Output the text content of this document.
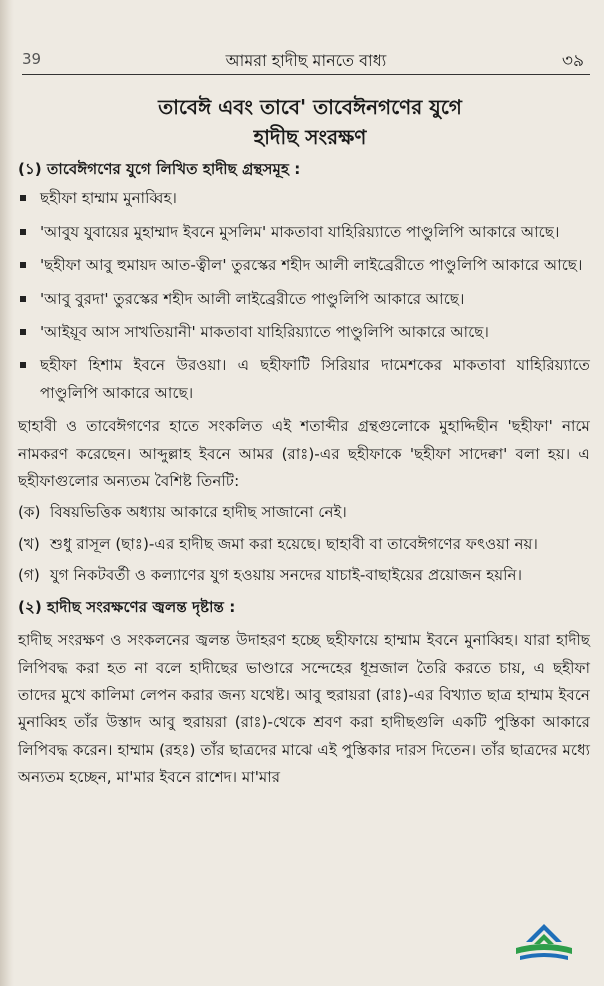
39	আমরা হাদীছ মানতে বাধ্য	৩৯
তাবেঈ এবং তাবে' তাবেঈনগণের যুগে
হাদীছ সংরক্ষণ

(১) তাবেঈগণের যুগে লিখিত হাদীছ গ্রন্থসমূহ :

ছহীফা হাম্মাম মুনাব্বিহ।

'আবুয যুবায়ের মুহাম্মাদ ইবনে মুসলিম' মাকতাবা যাহিরিয়্যাতে পাণ্ডুলিপি আকারে আছে।

'ছহীফা আবু হুমায়দ আত-ত্বীল' তুরস্কের শহীদ আলী লাইব্রেরীতে পাণ্ডুলিপি আকারে আছে।

'আবু বুরদা' তুরস্কের শহীদ আলী লাইব্রেরীতে পাণ্ডুলিপি আকারে আছে।

'আইয়ূব আস সাখতিয়ানী' মাকতাবা যাহিরিয়্যাতে পাণ্ডুলিপি আকারে আছে।

ছহীফা হিশাম ইবনে উরওয়া। এ ছহীফাটি সিরিয়ার দামেশকের মাকতাবা যাহিরিয়্যাতে পাণ্ডুলিপি আকারে আছে।

ছাহাবী ও তাবেঈগণের হাতে সংকলিত এই শতাব্দীর গ্রন্থগুলোকে মুহাদ্দিছীন 'ছহীফা' নামে নামকরণ করেছেন। আব্দুল্লাহ ইবনে আমর (রাঃ)-এর ছহীফাকে 'ছহীফা সাদেক্বা' বলা হয়। এ ছহীফাগুলোর অন্যতম বৈশিষ্ট তিনটি:

(ক) বিষয়ভিত্তিক অধ্যায় আকারে হাদীছ সাজানো নেই।

(খ) শুধু রাসূল (ছাঃ)-এর হাদীছ জমা করা হয়েছে। ছাহাবী বা তাবেঈগণের ফৎওয়া নয়।

(গ) যুগ নিকটবর্তী ও কল্যাণের যুগ হওয়ায় সনদের যাচাই-বাছাইয়ের প্রয়োজন হয়নি।

(২) হাদীছ সংরক্ষণের জ্বলন্ত দৃষ্টান্ত :

হাদীছ সংরক্ষণ ও সংকলনের জ্বলন্ত উদাহরণ হচ্ছে ছহীফায়ে হাম্মাম ইবনে মুনাব্বিহ। যারা হাদীছ লিপিবদ্ধ করা হত না বলে হাদীছের ভাণ্ডারে সন্দেহের ধূম্রজাল তৈরি করতে চায়, এ ছহীফা তাদের মুখে কালিমা লেপন করার জন্য যথেষ্ট। আবু হুরায়রা (রাঃ)-এর বিখ্যাত ছাত্র হাম্মাম ইবনে মুনাব্বিহ তাঁর উস্তাদ আবু হুরায়রা (রাঃ)-থেকে শ্রবণ করা হাদীছগুলি একটি পুস্তিকা আকারে লিপিবদ্ধ করেন। হাম্মাম (রহঃ) তাঁর ছাত্রদের মাঝে এই পুস্তিকার দারস দিতেন। তাঁর ছাত্রদের মধ্যে অন্যতম হচ্ছেন, মা'মার ইবনে রাশেদ। মা'মার
